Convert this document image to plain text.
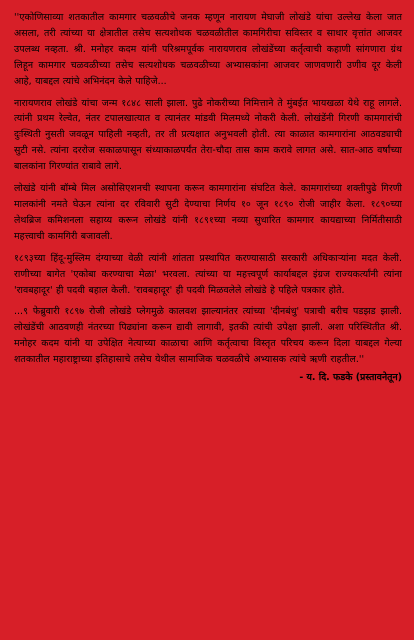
''एकोणिसाव्या शतकातील कामगार चळवळीचे जनक म्हणून नारायण मेघाजी लोखंडे यांचा उल्लेख केला जात असला, तरी त्यांच्या या क्षेत्रातील तसेच सत्यशोधक चळवळीतील कामगिरीचा सविस्तर व साधार वृत्तांत आजवर उपलब्ध नव्हता. श्री. मनोहर कदम यांनी परिश्रमपूर्वक नारायणराव लोखंडेंच्या कर्तृत्वाची कहाणी सांगणारा ग्रंथ लिहून कामगार चळवळीच्या तसेच सत्यशोधक चळवळीच्या अभ्यासकांना आजवर जाणवणारी उणीव दूर केली आहे, याबद्दल त्यांचे अभिनंदन केले पाहिजे...

नारायणराव लोखंडे यांचा जन्म १८४८ साली झाला. पुढे नोकरीच्या निमित्ताने ते मुंबईत भायखळा येथे राहू लागले. त्यांनी प्रथम रेल्वेत, नंतर टपालखात्यात व त्यानंतर मांडवी मिलमध्ये नोकरी केली. लोखंडेंनी गिरणी कामगारांची दुःस्थिती नुसती जवळून पाहिली नव्हती, तर ती प्रत्यक्षात अनुभवली होती. त्या काळात कामगारांना आठवड्याची सुटी नसे. त्यांना दररोज सकाळपासून संध्याकाळपर्यंत तेरा-चौदा तास काम करावे लागत असे. सात-आठ वर्षांच्या बालकांना गिरण्यांत राबावे लागे.

लोखंडे यांनी बॉम्बे मिल असोसिएशनची स्थापना करून कामगारांना संघटित केले. कामगारांच्या शक्तीपुढे गिरणी मालकांनी नमते घेऊन त्यांना दर रविवारी सुटी देण्याचा निर्णय १० जून १८९० रोजी जाहीर केला. १८९०च्या लेथब्रिज कमिशनला सहाय्य करून लोखंडे यांनी १८९१च्या नव्या सुधारित कामगार कायद्याच्या निर्मितीसाठी महत्त्वाची कामगिरी बजावली.

१८९३च्या हिंदू-मुस्लिम दंग्याच्या वेळी त्यांनी शांतता प्रस्थापित करण्यासाठी सरकारी अधिकाऱ्यांना मदत केली. राणीच्या बागेत 'एकोबा करण्याचा मेळा' भरवला. त्यांच्या या महत्त्वपूर्ण कार्याबद्दल इंग्रज राज्यकर्त्यांनी त्यांना 'रावबहादूर' ही पदवी बहाल केली. 'रावबहादूर' ही पदवी मिळवलेले लोखंडे हे पहिले पत्रकार होते.

...९ फेब्रुवारी १८९७ रोजी लोखंडे प्लेगमुळे कालवश झाल्यानंतर त्यांच्या 'दीनबंधु' पत्राची बरीच पडझड झाली. लोखंडेंची आठवणही नंतरच्या पिढ्यांना करून द्यावी लागावी, इतकी त्यांची उपेक्षा झाली. अशा परिस्थितीत श्री. मनोहर कदम यांनी या उपेक्षित नेत्याच्या काळाचा आणि कर्तृत्वाचा विस्तृत परिचय करून दिला याबद्दल गेल्या शतकातील महाराष्ट्राच्या इतिहासाचे तसेच येथील सामाजिक चळवळीचे अभ्यासक त्यांचे ऋणी राहतील.''

- य. दि. फडके (प्रस्तावनेतून)
